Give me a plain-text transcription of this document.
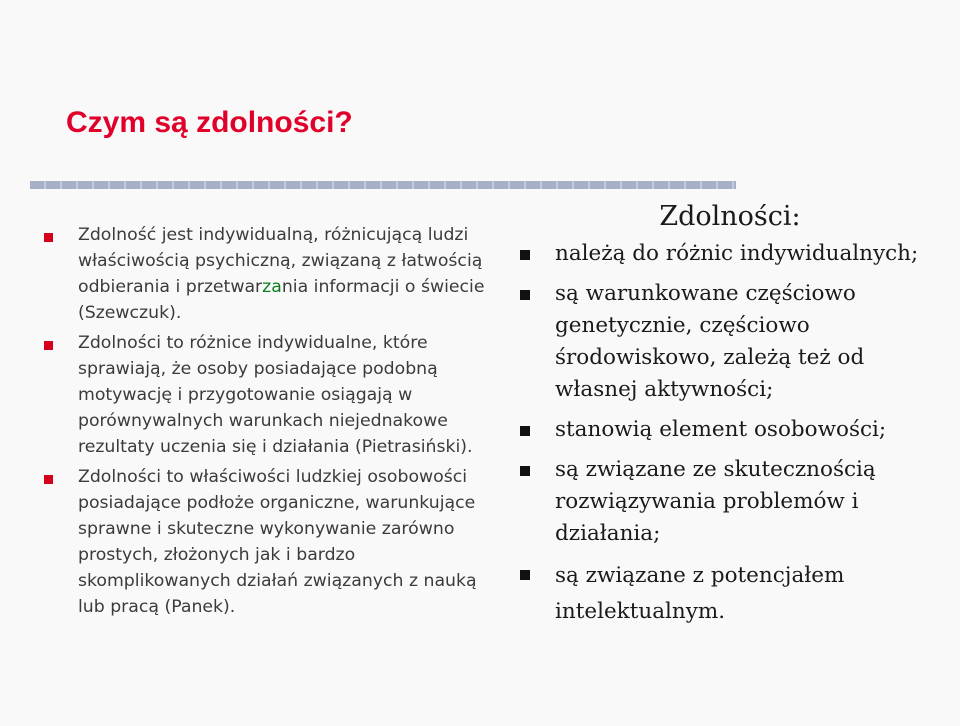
Czym są zdolności?
Zdolność jest indywidualną, różnicującą ludzi właściwością psychiczną, związaną z łatwością odbierania i przetwarzania informacji o świecie (Szewczuk).
Zdolności to różnice indywidualne, które sprawiają, że osoby posiadające podobną motywację i przygotowanie osiągają w porównywalnych warunkach niejednakowe rezultaty uczenia się i działania (Pietrasiński).
Zdolności to właściwości ludzkiej osobowości posiadające podłoże organiczne, warunkujące sprawne i skuteczne wykonywanie zarówno prostych, złożonych jak i bardzo skomplikowanych działań związanych z nauką lub pracą (Panek).
Zdolności:
należą do różnic indywidualnych;
są warunkowane częściowo genetycznie, częściowo środowiskowo, zależą też od własnej aktywności;
stanowią element osobowości;
są związane ze skutecznością rozwiązywania problemów i działania;
są związane z potencjałem intelektualnym.
